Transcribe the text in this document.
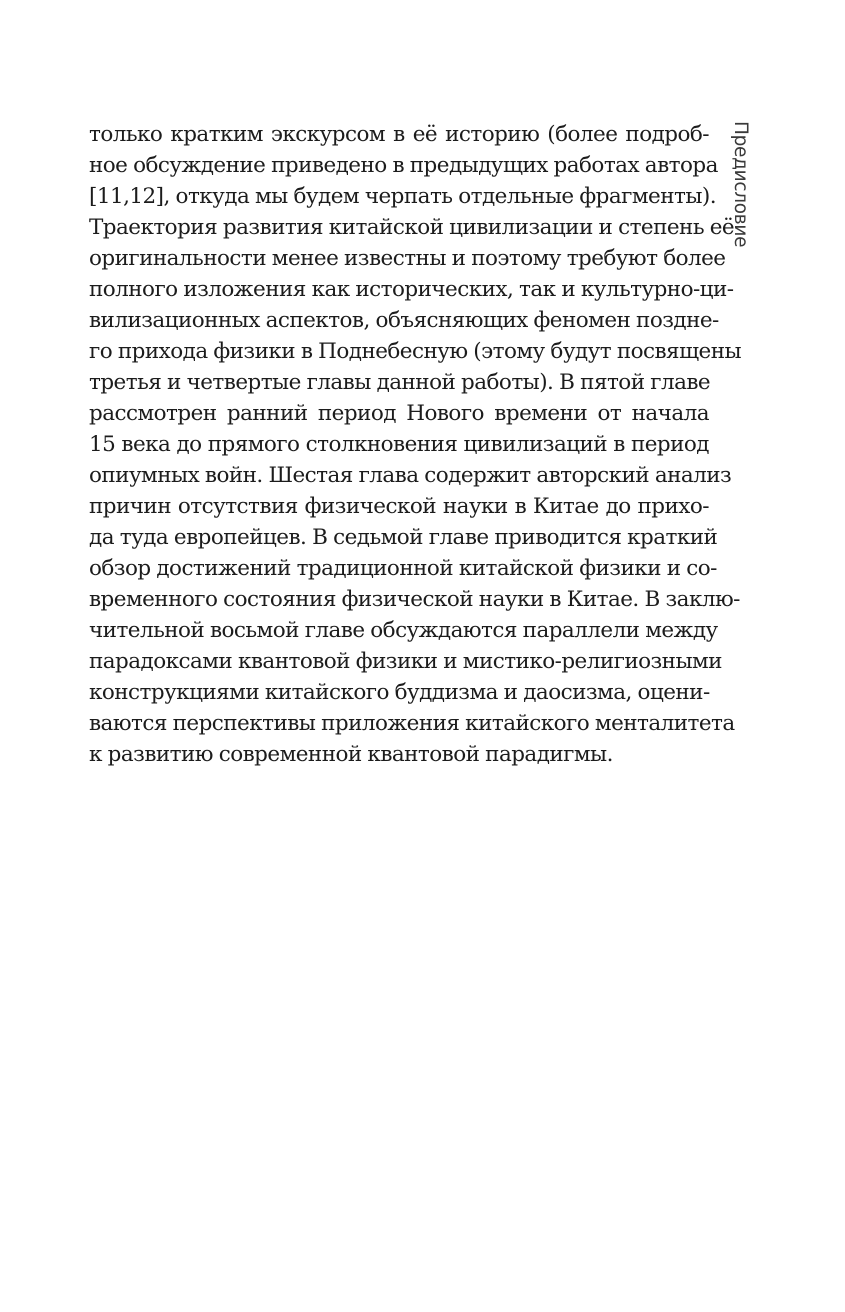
только кратким экскурсом в её историю (более подроб-
ное обсуждение приведено в предыдущих работах автора
[11,12], откуда мы будем черпать отдельные фрагменты).
Траектория развития китайской цивилизации и степень её
оригинальности менее известны и поэтому требуют более
полного изложения как исторических, так и культурно-ци-
вилизационных аспектов, объясняющих феномен поздне-
го прихода физики в Поднебесную (этому будут посвящены
третья и четвертые главы данной работы). В пятой главе
рассмотрен ранний период Нового времени от начала
15 века до прямого столкновения цивилизаций в период
опиумных войн. Шестая глава содержит авторский анализ
причин отсутствия физической науки в Китае до прихо-
да туда европейцев. В седьмой главе приводится краткий
обзор достижений традиционной китайской физики и со-
временного состояния физической науки в Китае. В заклю-
чительной восьмой главе обсуждаются параллели между
парадоксами квантовой физики и мистико-религиозными
конструкциями китайского буддизма и даосизма, оцени-
ваются перспективы приложения китайского менталитета
к развитию современной квантовой парадигмы.
Предисловие
